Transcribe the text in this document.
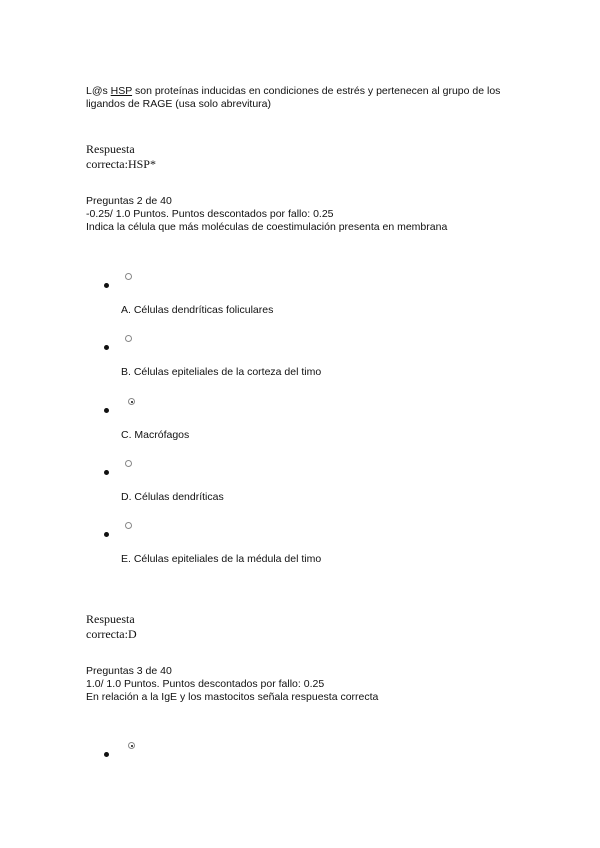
L@s HSP son proteínas inducidas en condiciones de estrés y pertenecen al grupo de los
ligandos de RAGE (usa solo abrevitura)
Respuesta
correcta:HSP*
Preguntas 2 de 40
-0.25/ 1.0 Puntos. Puntos descontados por fallo: 0.25
Indica la célula que más moléculas de coestimulación presenta en membrana
A. Células dendríticas foliculares
B. Células epiteliales de la corteza del timo
C. Macrófagos
D. Células dendríticas
E. Células epiteliales de la médula del timo
Respuesta
correcta:D
Preguntas 3 de 40
1.0/ 1.0 Puntos. Puntos descontados por fallo: 0.25
En relación a la IgE y los mastocitos señala respuesta correcta
